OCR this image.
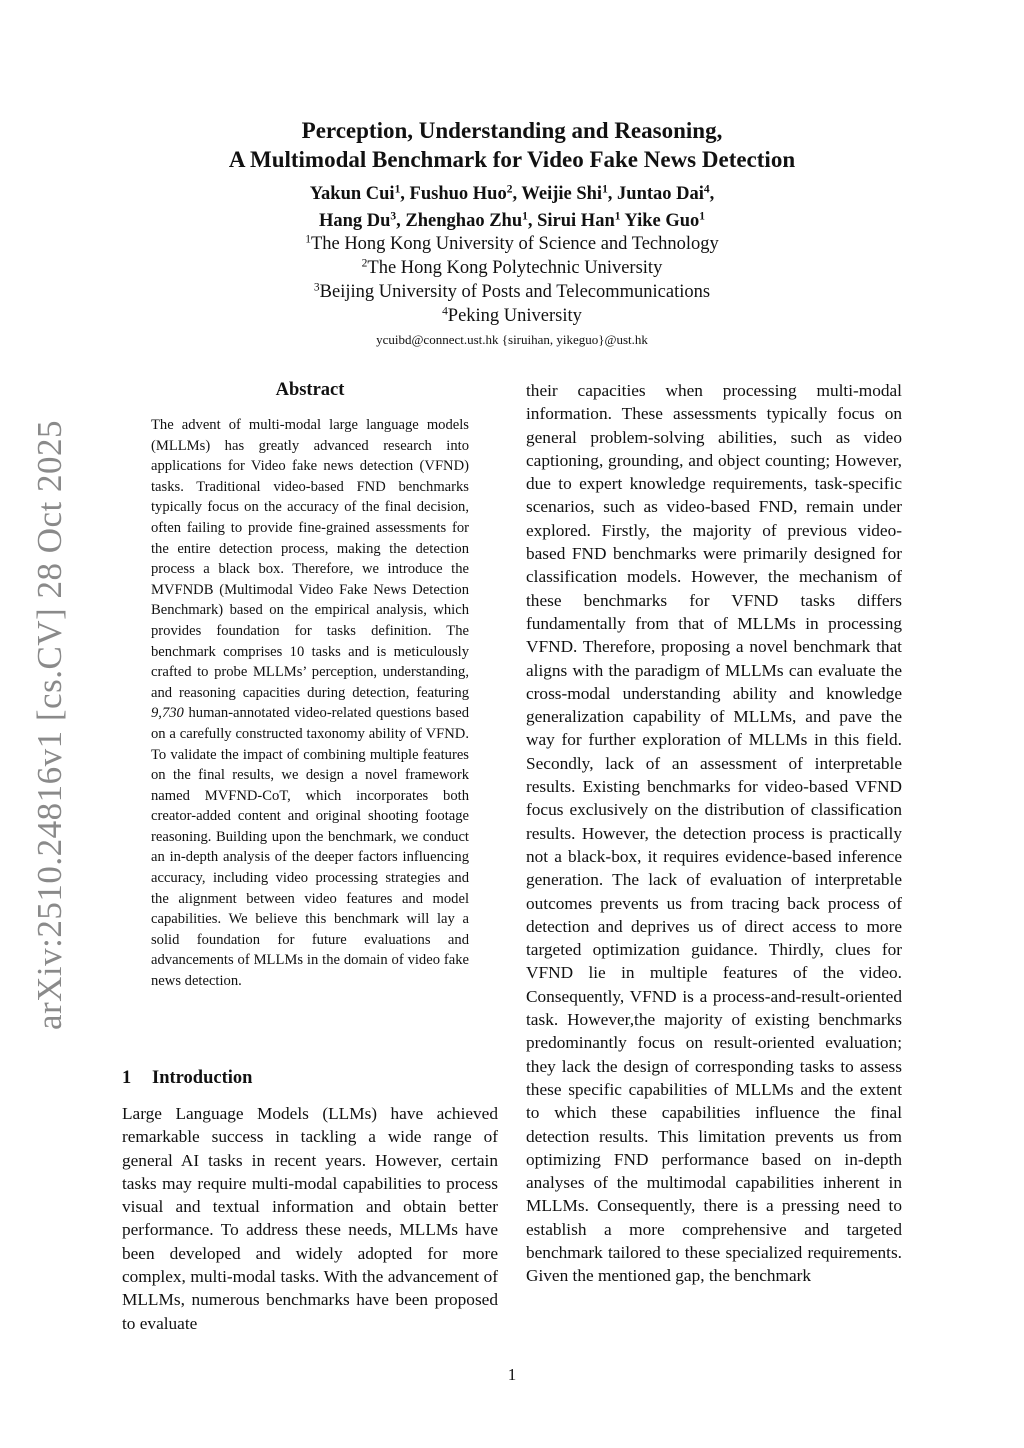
arXiv:2510.24816v1 [cs.CV] 28 Oct 2025
Perception, Understanding and Reasoning,
A Multimodal Benchmark for Video Fake News Detection
Yakun Cui$^1$, Fushuo Huo$^2$, Weijie Shi$^1$, Juntao Dai$^4$,
Hang Du$^3$, Zhenghao Zhu$^1$, Sirui Han$^1$ Yike Guo$^1$
$^1$The Hong Kong University of Science and Technology
$^2$The Hong Kong Polytechnic University
$^3$Beijing University of Posts and Telecommunications
$^4$Peking University
ycuibd@connect.ust.hk {siruihan, yikeguo}@ust.hk
Abstract
The advent of multi-modal large language models (MLLMs) has greatly advanced research into applications for Video fake news detection (VFND) tasks. Traditional video-based FND benchmarks typically focus on the accuracy of the final decision, often failing to provide fine-grained assessments for the entire detection process, making the detection process a black box. Therefore, we introduce the MVFNDB (Multimodal Video Fake News Detection Benchmark) based on the empirical analysis, which provides foundation for tasks definition. The benchmark comprises 10 tasks and is meticulously crafted to probe MLLMs’ perception, understanding, and reasoning capacities during detection, featuring 9,730 human-annotated video-related questions based on a carefully constructed taxonomy ability of VFND. To validate the impact of combining multiple features on the final results, we design a novel framework named MVFND-CoT, which incorporates both creator-added content and original shooting footage reasoning. Building upon the benchmark, we conduct an in-depth analysis of the deeper factors influencing accuracy, including video processing strategies and the alignment between video features and model capabilities. We believe this benchmark will lay a solid foundation for future evaluations and advancements of MLLMs in the domain of video fake news detection.
1 Introduction
Large Language Models (LLMs) have achieved remarkable success in tackling a wide range of general AI tasks in recent years. However, certain tasks may require multi-modal capabilities to process visual and textual information and obtain better performance. To address these needs, MLLMs have been developed and widely adopted for more complex, multi-modal tasks. With the advancement of MLLMs, numerous benchmarks have been proposed to evaluate
their capacities when processing multi-modal information. These assessments typically focus on general problem-solving abilities, such as video captioning, grounding, and object counting; However, due to expert knowledge requirements, task-specific scenarios, such as video-based FND, remain under explored. Firstly, the majority of previous video-based FND benchmarks were primarily designed for classification models. However, the mechanism of these benchmarks for VFND tasks differs fundamentally from that of MLLMs in processing VFND. Therefore, proposing a novel benchmark that aligns with the paradigm of MLLMs can evaluate the cross-modal understanding ability and knowledge generalization capability of MLLMs, and pave the way for further exploration of MLLMs in this field. Secondly, lack of an assessment of interpretable results. Existing benchmarks for video-based VFND focus exclusively on the distribution of classification results. However, the detection process is practically not a black-box, it requires evidence-based inference generation. The lack of evaluation of interpretable outcomes prevents us from tracing back process of detection and deprives us of direct access to more targeted optimization guidance. Thirdly, clues for VFND lie in multiple features of the video. Consequently, VFND is a process-and-result-oriented task. However,the majority of existing benchmarks predominantly focus on result-oriented evaluation; they lack the design of corresponding tasks to assess these specific capabilities of MLLMs and the extent to which these capabilities influence the final detection results. This limitation prevents us from optimizing FND performance based on in-depth analyses of the multimodal capabilities inherent in MLLMs. Consequently, there is a pressing need to establish a more comprehensive and targeted benchmark tailored to these specialized requirements. Given the mentioned gap, the benchmark
1
